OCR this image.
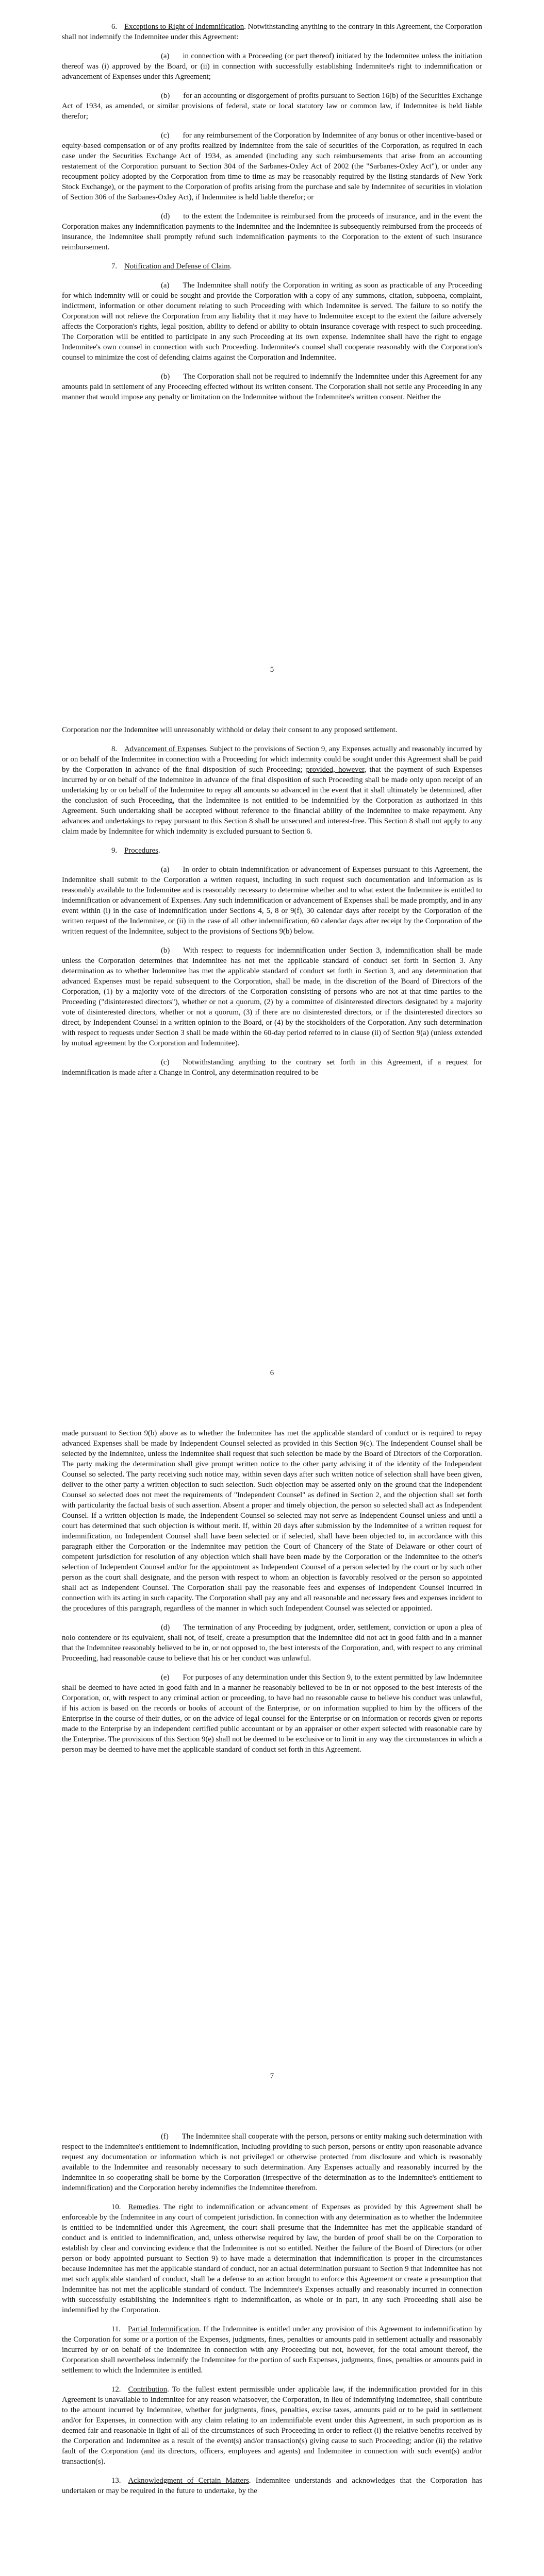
6. Exceptions to Right of Indemnification. Notwithstanding anything to the contrary in this Agreement, the Corporation shall not indemnify the Indemnitee under this Agreement:

(a) in connection with a Proceeding (or part thereof) initiated by the Indemnitee unless the initiation thereof was (i) approved by the Board, or (ii) in connection with successfully establishing Indemnitee's right to indemnification or advancement of Expenses under this Agreement;

(b) for an accounting or disgorgement of profits pursuant to Section 16(b) of the Securities Exchange Act of 1934, as amended, or similar provisions of federal, state or local statutory law or common law, if Indemnitee is held liable therefor;

(c) for any reimbursement of the Corporation by Indemnitee of any bonus or other incentive-based or equity-based compensation or of any profits realized by Indemnitee from the sale of securities of the Corporation, as required in each case under the Securities Exchange Act of 1934, as amended (including any such reimbursements that arise from an accounting restatement of the Corporation pursuant to Section 304 of the Sarbanes-Oxley Act of 2002 (the "Sarbanes-Oxley Act"), or under any recoupment policy adopted by the Corporation from time to time as may be reasonably required by the listing standards of New York Stock Exchange), or the payment to the Corporation of profits arising from the purchase and sale by Indemnitee of securities in violation of Section 306 of the Sarbanes-Oxley Act), if Indemnitee is held liable therefor; or

(d) to the extent the Indemnitee is reimbursed from the proceeds of insurance, and in the event the Corporation makes any indemnification payments to the Indemnitee and the Indemnitee is subsequently reimbursed from the proceeds of insurance, the Indemnitee shall promptly refund such indemnification payments to the Corporation to the extent of such insurance reimbursement.

7. Notification and Defense of Claim.

(a) The Indemnitee shall notify the Corporation in writing as soon as practicable of any Proceeding for which indemnity will or could be sought and provide the Corporation with a copy of any summons, citation, subpoena, complaint, indictment, information or other document relating to such Proceeding with which Indemnitee is served. The failure to so notify the Corporation will not relieve the Corporation from any liability that it may have to Indemnitee except to the extent the failure adversely affects the Corporation's rights, legal position, ability to defend or ability to obtain insurance coverage with respect to such proceeding. The Corporation will be entitled to participate in any such Proceeding at its own expense. Indemnitee shall have the right to engage Indemnitee's own counsel in connection with such Proceeding. Indemnitee's counsel shall cooperate reasonably with the Corporation's counsel to minimize the cost of defending claims against the Corporation and Indemnitee.

(b) The Corporation shall not be required to indemnify the Indemnitee under this Agreement for any amounts paid in settlement of any Proceeding effected without its written consent. The Corporation shall not settle any Proceeding in any manner that would impose any penalty or limitation on the Indemnitee without the Indemnitee's written consent. Neither the

5

Corporation nor the Indemnitee will unreasonably withhold or delay their consent to any proposed settlement.

8. Advancement of Expenses. Subject to the provisions of Section 9, any Expenses actually and reasonably incurred by or on behalf of the Indemnitee in connection with a Proceeding for which indemnity could be sought under this Agreement shall be paid by the Corporation in advance of the final disposition of such Proceeding; provided, however, that the payment of such Expenses incurred by or on behalf of the Indemnitee in advance of the final disposition of such Proceeding shall be made only upon receipt of an undertaking by or on behalf of the Indemnitee to repay all amounts so advanced in the event that it shall ultimately be determined, after the conclusion of such Proceeding, that the Indemnitee is not entitled to be indemnified by the Corporation as authorized in this Agreement. Such undertaking shall be accepted without reference to the financial ability of the Indemnitee to make repayment. Any advances and undertakings to repay pursuant to this Section 8 shall be unsecured and interest-free. This Section 8 shall not apply to any claim made by Indemnitee for which indemnity is excluded pursuant to Section 6.

9. Procedures.

(a) In order to obtain indemnification or advancement of Expenses pursuant to this Agreement, the Indemnitee shall submit to the Corporation a written request, including in such request such documentation and information as is reasonably available to the Indemnitee and is reasonably necessary to determine whether and to what extent the Indemnitee is entitled to indemnification or advancement of Expenses. Any such indemnification or advancement of Expenses shall be made promptly, and in any event within (i) in the case of indemnification under Sections 4, 5, 8 or 9(f), 30 calendar days after receipt by the Corporation of the written request of the Indemnitee, or (ii) in the case of all other indemnification, 60 calendar days after receipt by the Corporation of the written request of the Indemnitee, subject to the provisions of Sections 9(b) below.

(b) With respect to requests for indemnification under Section 3, indemnification shall be made unless the Corporation determines that Indemnitee has not met the applicable standard of conduct set forth in Section 3. Any determination as to whether Indemnitee has met the applicable standard of conduct set forth in Section 3, and any determination that advanced Expenses must be repaid subsequent to the Corporation, shall be made, in the discretion of the Board of Directors of the Corporation, (1) by a majority vote of the directors of the Corporation consisting of persons who are not at that time parties to the Proceeding ("disinterested directors"), whether or not a quorum, (2) by a committee of disinterested directors designated by a majority vote of disinterested directors, whether or not a quorum, (3) if there are no disinterested directors, or if the disinterested directors so direct, by Independent Counsel in a written opinion to the Board, or (4) by the stockholders of the Corporation. Any such determination with respect to requests under Section 3 shall be made within the 60-day period referred to in clause (ii) of Section 9(a) (unless extended by mutual agreement by the Corporation and Indemnitee).

(c) Notwithstanding anything to the contrary set forth in this Agreement, if a request for indemnification is made after a Change in Control, any determination required to be

6

made pursuant to Section 9(b) above as to whether the Indemnitee has met the applicable standard of conduct or is required to repay advanced Expenses shall be made by Independent Counsel selected as provided in this Section 9(c). The Independent Counsel shall be selected by the Indemnitee, unless the Indemnitee shall request that such selection be made by the Board of Directors of the Corporation. The party making the determination shall give prompt written notice to the other party advising it of the identity of the Independent Counsel so selected. The party receiving such notice may, within seven days after such written notice of selection shall have been given, deliver to the other party a written objection to such selection. Such objection may be asserted only on the ground that the Independent Counsel so selected does not meet the requirements of "Independent Counsel" as defined in Section 2, and the objection shall set forth with particularity the factual basis of such assertion. Absent a proper and timely objection, the person so selected shall act as Independent Counsel. If a written objection is made, the Independent Counsel so selected may not serve as Independent Counsel unless and until a court has determined that such objection is without merit. If, within 20 days after submission by the Indemnitee of a written request for indemnification, no Independent Counsel shall have been selected or if selected, shall have been objected to, in accordance with this paragraph either the Corporation or the Indemnitee may petition the Court of Chancery of the State of Delaware or other court of competent jurisdiction for resolution of any objection which shall have been made by the Corporation or the Indemnitee to the other's selection of Independent Counsel and/or for the appointment as Independent Counsel of a person selected by the court or by such other person as the court shall designate, and the person with respect to whom an objection is favorably resolved or the person so appointed shall act as Independent Counsel. The Corporation shall pay the reasonable fees and expenses of Independent Counsel incurred in connection with its acting in such capacity. The Corporation shall pay any and all reasonable and necessary fees and expenses incident to the procedures of this paragraph, regardless of the manner in which such Independent Counsel was selected or appointed.

(d) The termination of any Proceeding by judgment, order, settlement, conviction or upon a plea of nolo contendere or its equivalent, shall not, of itself, create a presumption that the Indemnitee did not act in good faith and in a manner that the Indemnitee reasonably believed to be in, or not opposed to, the best interests of the Corporation, and, with respect to any criminal Proceeding, had reasonable cause to believe that his or her conduct was unlawful.

(e) For purposes of any determination under this Section 9, to the extent permitted by law Indemnitee shall be deemed to have acted in good faith and in a manner he reasonably believed to be in or not opposed to the best interests of the Corporation, or, with respect to any criminal action or proceeding, to have had no reasonable cause to believe his conduct was unlawful, if his action is based on the records or books of account of the Enterprise, or on information supplied to him by the officers of the Enterprise in the course of their duties, or on the advice of legal counsel for the Enterprise or on information or records given or reports made to the Enterprise by an independent certified public accountant or by an appraiser or other expert selected with reasonable care by the Enterprise. The provisions of this Section 9(e) shall not be deemed to be exclusive or to limit in any way the circumstances in which a person may be deemed to have met the applicable standard of conduct set forth in this Agreement.

7

(f) The Indemnitee shall cooperate with the person, persons or entity making such determination with respect to the Indemnitee's entitlement to indemnification, including providing to such person, persons or entity upon reasonable advance request any documentation or information which is not privileged or otherwise protected from disclosure and which is reasonably available to the Indemnitee and reasonably necessary to such determination. Any Expenses actually and reasonably incurred by the Indemnitee in so cooperating shall be borne by the Corporation (irrespective of the determination as to the Indemnitee's entitlement to indemnification) and the Corporation hereby indemnifies the Indemnitee therefrom.

10. Remedies. The right to indemnification or advancement of Expenses as provided by this Agreement shall be enforceable by the Indemnitee in any court of competent jurisdiction. In connection with any determination as to whether the Indemnitee is entitled to be indemnified under this Agreement, the court shall presume that the Indemnitee has met the applicable standard of conduct and is entitled to indemnification, and, unless otherwise required by law, the burden of proof shall be on the Corporation to establish by clear and convincing evidence that the Indemnitee is not so entitled. Neither the failure of the Board of Directors (or other person or body appointed pursuant to Section 9) to have made a determination that indemnification is proper in the circumstances because Indemnitee has met the applicable standard of conduct, nor an actual determination pursuant to Section 9 that Indemnitee has not met such applicable standard of conduct, shall be a defense to an action brought to enforce this Agreement or create a presumption that Indemnitee has not met the applicable standard of conduct. The Indemnitee's Expenses actually and reasonably incurred in connection with successfully establishing the Indemnitee's right to indemnification, as whole or in part, in any such Proceeding shall also be indemnified by the Corporation.

11. Partial Indemnification. If the Indemnitee is entitled under any provision of this Agreement to indemnification by the Corporation for some or a portion of the Expenses, judgments, fines, penalties or amounts paid in settlement actually and reasonably incurred by or on behalf of the Indemnitee in connection with any Proceeding but not, however, for the total amount thereof, the Corporation shall nevertheless indemnify the Indemnitee for the portion of such Expenses, judgments, fines, penalties or amounts paid in settlement to which the Indemnitee is entitled.

12. Contribution. To the fullest extent permissible under applicable law, if the indemnification provided for in this Agreement is unavailable to Indemnitee for any reason whatsoever, the Corporation, in lieu of indemnifying Indemnitee, shall contribute to the amount incurred by Indemnitee, whether for judgments, fines, penalties, excise taxes, amounts paid or to be paid in settlement and/or for Expenses, in connection with any claim relating to an indemnifiable event under this Agreement, in such proportion as is deemed fair and reasonable in light of all of the circumstances of such Proceeding in order to reflect (i) the relative benefits received by the Corporation and Indemnitee as a result of the event(s) and/or transaction(s) giving cause to such Proceeding; and/or (ii) the relative fault of the Corporation (and its directors, officers, employees and agents) and Indemnitee in connection with such event(s) and/or transaction(s).

13. Acknowledgment of Certain Matters. Indemnitee understands and acknowledges that the Corporation has undertaken or may be required in the future to undertake, by the
